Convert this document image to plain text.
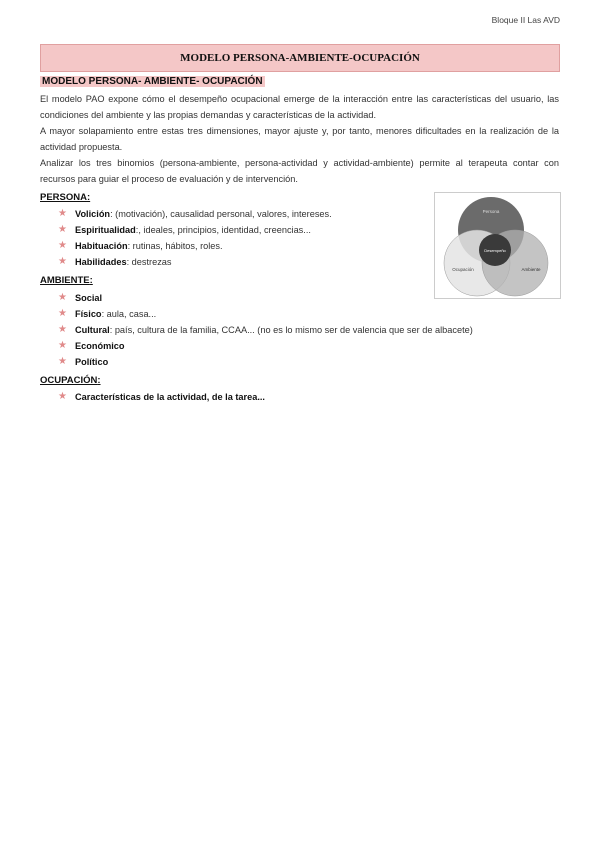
Bloque II Las AVD
MODELO PERSONA-AMBIENTE-OCUPACIÓN
MODELO PERSONA- AMBIENTE- OCUPACIÓN
El modelo PAO expone cómo el desempeño ocupacional emerge de la interacción entre las características del usuario, las condiciones del ambiente y las propias demandas y características de la actividad.
A mayor solapamiento entre estas tres dimensiones, mayor ajuste y, por tanto, menores dificultades en la realización de la actividad propuesta.
Analizar los tres binomios (persona-ambiente, persona-actividad y actividad-ambiente) permite al terapeuta contar con recursos para guiar el proceso de evaluación y de intervención.
Persona
Desempeño
Ocupación	Ambiente
PERSONA:
★ Volición : (motivación), causalidad personal, valores, intereses.
★ Espiritualidad :, ideales, principios, identidad, creencias...
★ Habituación : rutinas, hábitos, roles.
★ Habilidades : destrezas
AMBIENTE:
★ Social
★ Físico : aula, casa...
★ Cultural : país, cultura de la familia, CCAA... (no es lo mismo ser de valencia que ser de albacete)
★ Económico
★ Político
OCUPACIÓN:
★ Características de la actividad, de la tarea...
